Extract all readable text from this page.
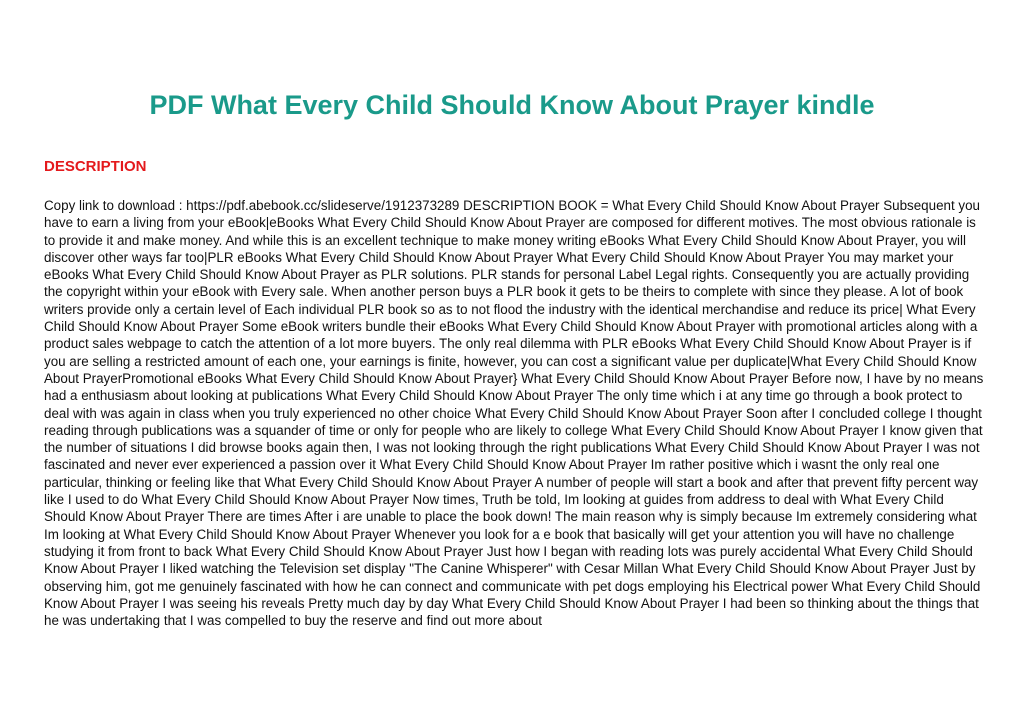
PDF What Every Child Should Know About Prayer kindle
DESCRIPTION

Copy link to download : https://pdf.abebook.cc/slideserve/1912373289 DESCRIPTION BOOK = What Every Child Should Know About Prayer Subsequent you have to earn a living from your eBook|eBooks What Every Child Should Know About Prayer are composed for different motives. The most obvious rationale is to provide it and make money. And while this is an excellent technique to make money writing eBooks What Every Child Should Know About Prayer, you will discover other ways far too|PLR eBooks What Every Child Should Know About Prayer What Every Child Should Know About Prayer You may market your eBooks What Every Child Should Know About Prayer as PLR solutions. PLR stands for personal Label Legal rights. Consequently you are actually providing the copyright within your eBook with Every sale. When another person buys a PLR book it gets to be theirs to complete with since they please. A lot of book writers provide only a certain level of Each individual PLR book so as to not flood the industry with the identical merchandise and reduce its price| What Every Child Should Know About Prayer Some eBook writers bundle their eBooks What Every Child Should Know About Prayer with promotional articles along with a product sales webpage to catch the attention of a lot more buyers. The only real dilemma with PLR eBooks What Every Child Should Know About Prayer is if you are selling a restricted amount of each one, your earnings is finite, however, you can cost a significant value per duplicate|What Every Child Should Know About PrayerPromotional eBooks What Every Child Should Know About Prayer} What Every Child Should Know About Prayer Before now, I have by no means had a enthusiasm about looking at publications What Every Child Should Know About Prayer The only time which i at any time go through a book protect to deal with was again in class when you truly experienced no other choice What Every Child Should Know About Prayer Soon after I concluded college I thought reading through publications was a squander of time or only for people who are likely to college What Every Child Should Know About Prayer I know given that the number of situations I did browse books again then, I was not looking through the right publications What Every Child Should Know About Prayer I was not fascinated and never ever experienced a passion over it What Every Child Should Know About Prayer Im rather positive which i wasnt the only real one particular, thinking or feeling like that What Every Child Should Know About Prayer A number of people will start a book and after that prevent fifty percent way like I used to do What Every Child Should Know About Prayer Now times, Truth be told, Im looking at guides from address to deal with What Every Child Should Know About Prayer There are times After i are unable to place the book down! The main reason why is simply because Im extremely considering what Im looking at What Every Child Should Know About Prayer Whenever you look for a e book that basically will get your attention you will have no challenge studying it from front to back What Every Child Should Know About Prayer Just how I began with reading lots was purely accidental What Every Child Should Know About Prayer I liked watching the Television set display "The Canine Whisperer" with Cesar Millan What Every Child Should Know About Prayer Just by observing him, got me genuinely fascinated with how he can connect and communicate with pet dogs employing his Electrical power What Every Child Should Know About Prayer I was seeing his reveals Pretty much day by day What Every Child Should Know About Prayer I had been so thinking about the things that he was undertaking that I was compelled to buy the reserve and find out more about
